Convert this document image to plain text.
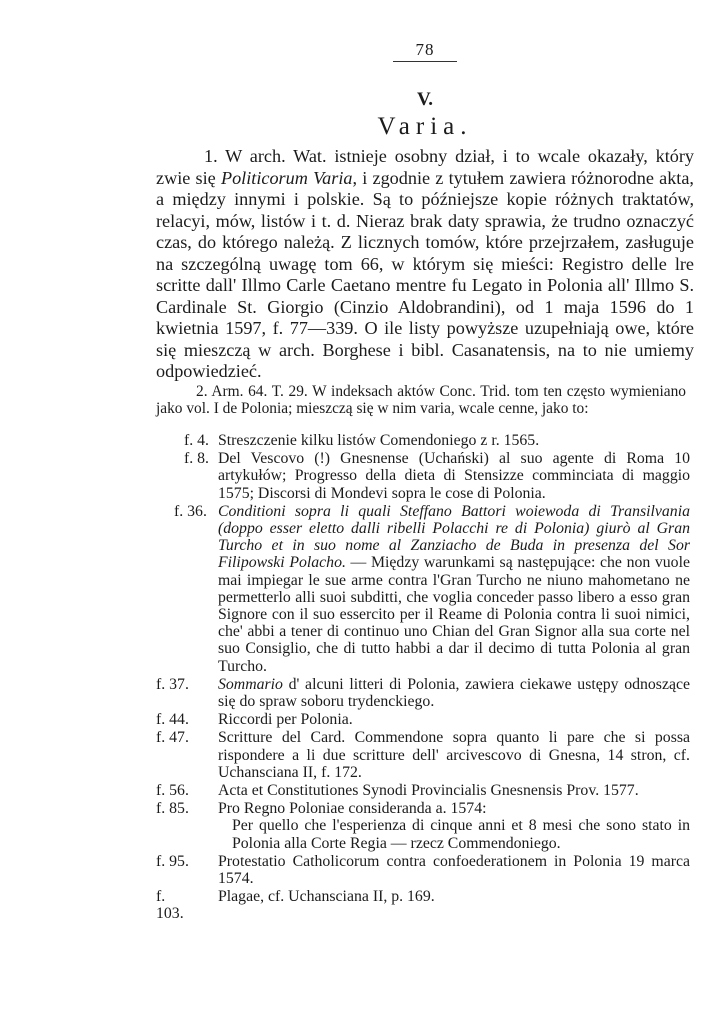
78
V.
Varia.
1. W arch. Wat. istnieje osobny dział, i to wcale okazały, który zwie się Politicorum Varia, i zgodnie z tytułem zawiera różnorodne akta, a między innymi i polskie. Są to późniejsze kopie różnych traktatów, relacyi, mów, listów i t. d. Nieraz brak daty sprawia, że trudno oznaczyć czas, do którego należą. Z licznych tomów, które przejrzałem, zasługuje na szczególną uwagę tom 66, w którym się mieści: Registro delle lre scritte dall' Illmo Carle Caetano mentre fu Legato in Polonia all' Illmo S. Cardinale St. Giorgio (Cinzio Aldobrandini), od 1 maja 1596 do 1 kwietnia 1597, f. 77—339. O ile listy powyższe uzupełniają owe, które się mieszczą w arch. Borghese i bibl. Casanatensis, na to nie umiemy odpowiedzieć.
2. Arm. 64. T. 29. W indeksach aktów Conc. Trid. tom ten często wymieniano jako vol. I de Polonia; mieszczą się w nim varia, wcale cenne, jako to:
f. 4. Streszczenie kilku listów Comendoniego z r. 1565.
f. 8. Del Vescovo (!) Gnesnense (Uchański) al suo agente di Roma 10 artykułów; Progresso della dieta di Stensizze comminciata di maggio 1575; Discorsi di Mondevi sopra le cose di Polonia.
f. 36. Conditioni sopra li quali Steffano Battori woiewoda di Transilvania (doppo esser eletto dalli ribelli Polacchi re di Polonia) giurò al Gran Turcho et in suo nome al Zanziacho de Buda in presenza del Sor Filipowski Polacho. — Między warunkami są następujące: che non vuole mai impiegar le sue arme contra l'Gran Turcho ne niuno mahometano ne permetterlo alli suoi subditti, che voglia conceder passo libero a esso gran Signore con il suo essercito per il Reame di Polonia contra li suoi nimici, che' abbi a tener di continuo uno Chian del Gran Signor alla sua corte nel suo Consiglio, che di tutto habbi a dar il decimo di tutta Polonia al gran Turcho.
f. 37. Sommario d' alcuni litteri di Polonia, zawiera ciekawe ustępy odnoszące się do spraw soboru trydenckiego.
f. 44. Riccordi per Polonia.
f. 47. Scritture del Card. Commendone sopra quanto li pare che si possa rispondere a li due scritture dell' arcivescovo di Gnesna, 14 stron, cf. Uchansciana II, f. 172.
f. 56. Acta et Constitutiones Synodi Provincialis Gnesnensis Prov. 1577.
f. 85. Pro Regno Poloniae consideranda a. 1574:
Per quello che l'esperienza di cinque anni et 8 mesi che sono stato in Polonia alla Corte Regia — rzecz Commendoniego.
f. 95. Protestatio Catholicorum contra confoederationem in Polonia 19 marca 1574.
f. 103.
Plagae, cf. Uchansciana II, p. 169.
